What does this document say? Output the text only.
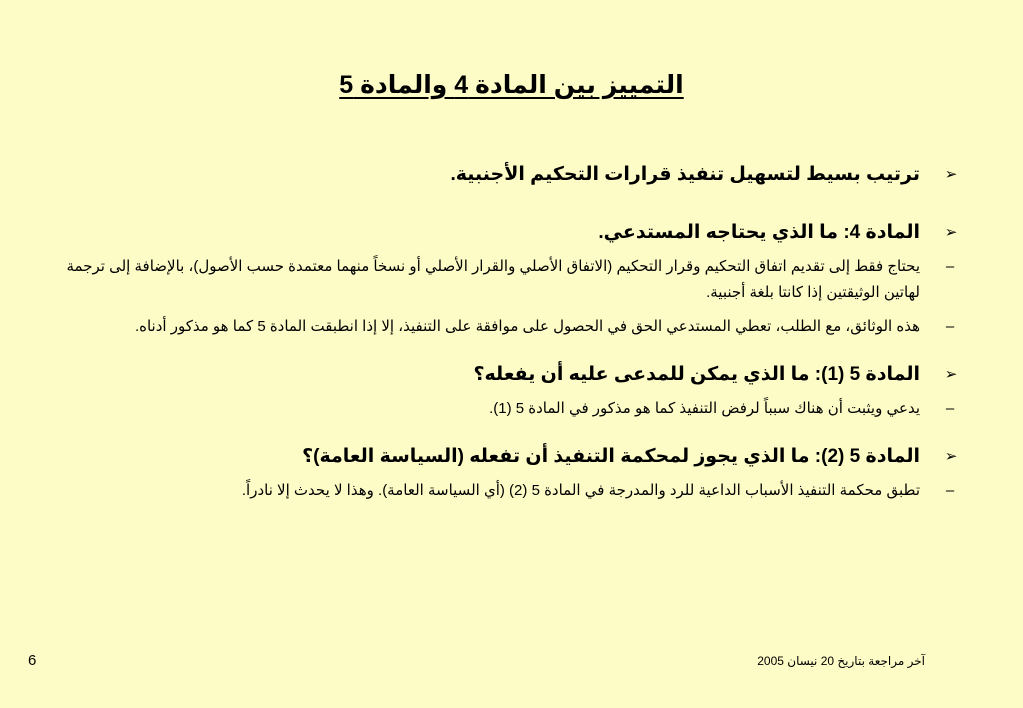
التمييز بين المادة 4 والمادة 5
➢
ترتيب بسيط لتسهيل تنفيذ قرارات التحكيم الأجنبية.
➢
المادة 4: ما الذي يحتاجه المستدعي.
–
يحتاج فقط إلى تقديم اتفاق التحكيم وقرار التحكيم (الاتفاق الأصلي والقرار الأصلي أو نسخاً منهما معتمدة حسب الأصول)، بالإضافة إلى ترجمة لهاتين الوثيقتين إذا كانتا بلغة أجنبية.
–
هذه الوثائق، مع الطلب، تعطي المستدعي الحق في الحصول على موافقة على التنفيذ، إلا إذا انطبقت المادة 5 كما هو مذكور أدناه.
➢
المادة 5 (1): ما الذي يمكن للمدعى عليه أن يفعله؟
–
يدعي ويثبت أن هناك سبباً لرفض التنفيذ كما هو مذكور في المادة 5 (1).
➢
المادة 5 (2): ما الذي يجوز لمحكمة التنفيذ أن تفعله (السياسة العامة)؟
–
تطبق محكمة التنفيذ الأسباب الداعية للرد والمدرجة في المادة 5 (2) (أي السياسة العامة). وهذا لا يحدث إلا نادراً.
آخر مراجعة بتاريخ 20 نيسان 2005
6
